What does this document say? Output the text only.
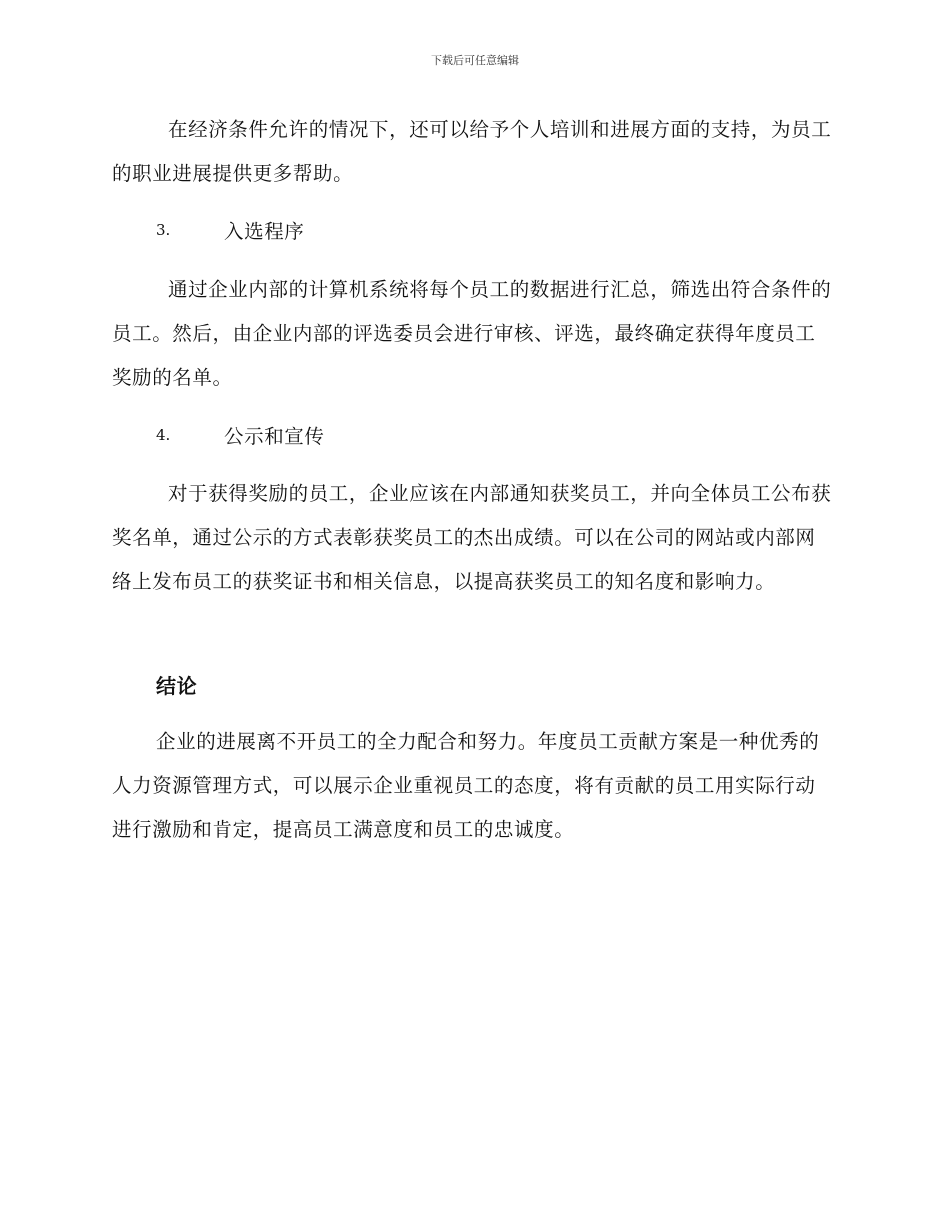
下载后可任意编辑
在经济条件允许的情况下，还可以给予个人培训和进展方面的支持，为员工的职业进展提供更多帮助。
3.	入选程序
通过企业内部的计算机系统将每个员工的数据进行汇总，筛选出符合条件的员工。然后，由企业内部的评选委员会进行审核、评选，最终确定获得年度员工奖励的名单。
4.	公示和宣传
对于获得奖励的员工，企业应该在内部通知获奖员工，并向全体员工公布获奖名单，通过公示的方式表彰获奖员工的杰出成绩。可以在公司的网站或内部网络上发布员工的获奖证书和相关信息，以提高获奖员工的知名度和影响力。
结论
企业的进展离不开员工的全力配合和努力。年度员工贡献方案是一种优秀的人力资源管理方式，可以展示企业重视员工的态度，将有贡献的员工用实际行动进行激励和肯定，提高员工满意度和员工的忠诚度。
